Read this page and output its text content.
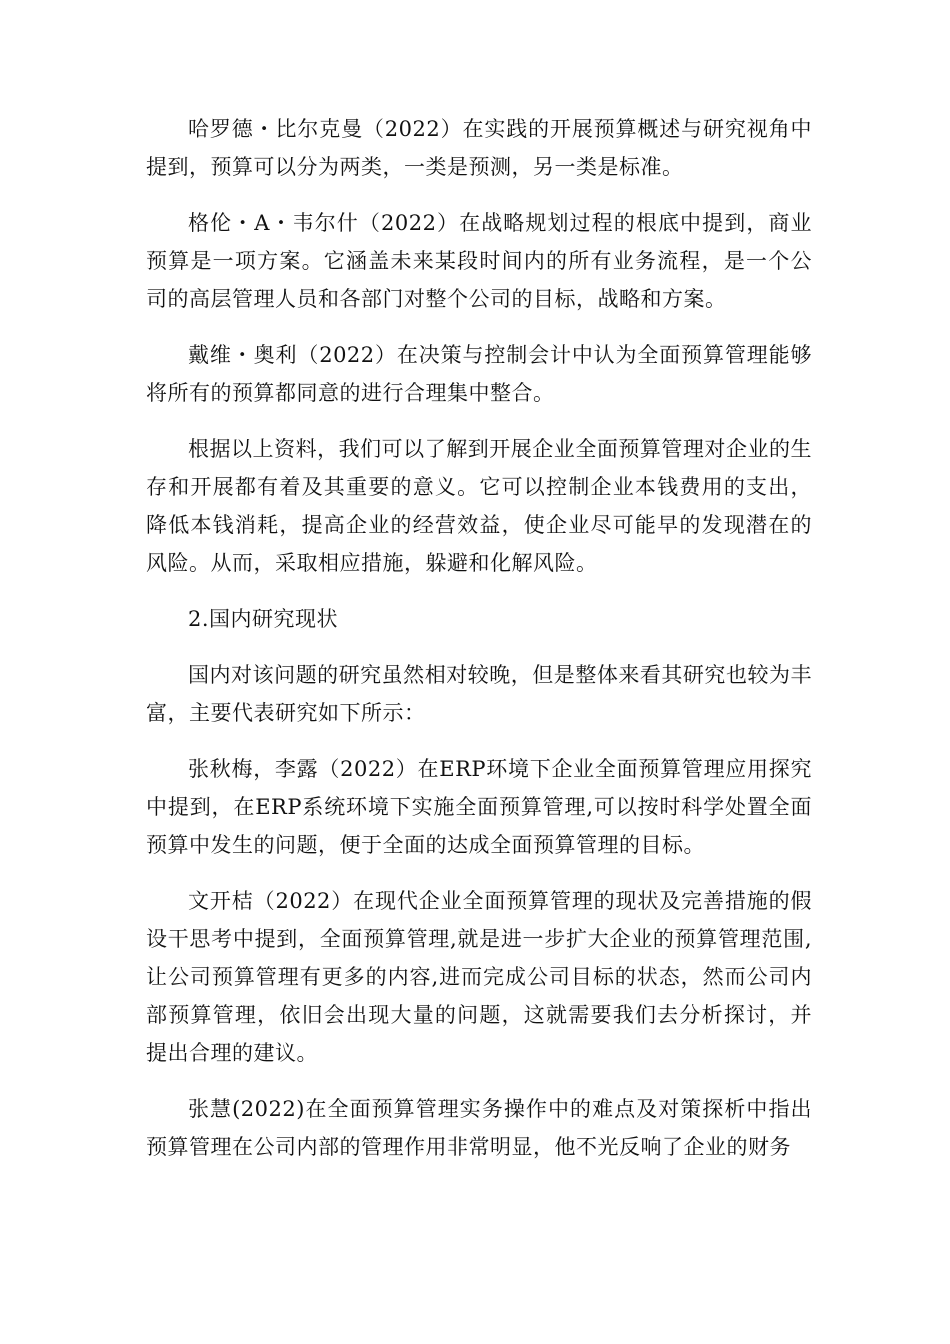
哈罗德・比尔克曼（2022）在实践的开展预算概述与研究视角中提到，预算可以分为两类，一类是预测，另一类是标准。

格伦・A・韦尔什（2022）在战略规划过程的根底中提到，商业预算是一项方案。它涵盖未来某段时间内的所有业务流程，是一个公司的高层管理人员和各部门对整个公司的目标，战略和方案。

戴维・奥利（2022）在决策与控制会计中认为全面预算管理能够将所有的预算都同意的进行合理集中整合。

根据以上资料，我们可以了解到开展企业全面预算管理对企业的生存和开展都有着及其重要的意义。它可以控制企业本钱费用的支出，降低本钱消耗，提高企业的经营效益，使企业尽可能早的发现潜在的风险。从而，采取相应措施，躲避和化解风险。

2.国内研究现状

国内对该问题的研究虽然相对较晚，但是整体来看其研究也较为丰富，主要代表研究如下所示：

张秋梅，李露（2022）在ERP环境下企业全面预算管理应用探究中提到，在ERP系统环境下实施全面预算管理,可以按时科学处置全面预算中发生的问题，便于全面的达成全面预算管理的目标。

文开桔（2022）在现代企业全面预算管理的现状及完善措施的假设干思考中提到，全面预算管理,就是进一步扩大企业的预算管理范围,让公司预算管理有更多的内容,进而完成公司目标的状态，然而公司内部预算管理，依旧会出现大量的问题，这就需要我们去分析探讨，并提出合理的建议。

张慧(2022)在全面预算管理实务操作中的难点及对策探析中指出预算管理在公司内部的管理作用非常明显，他不光反响了企业的财务
